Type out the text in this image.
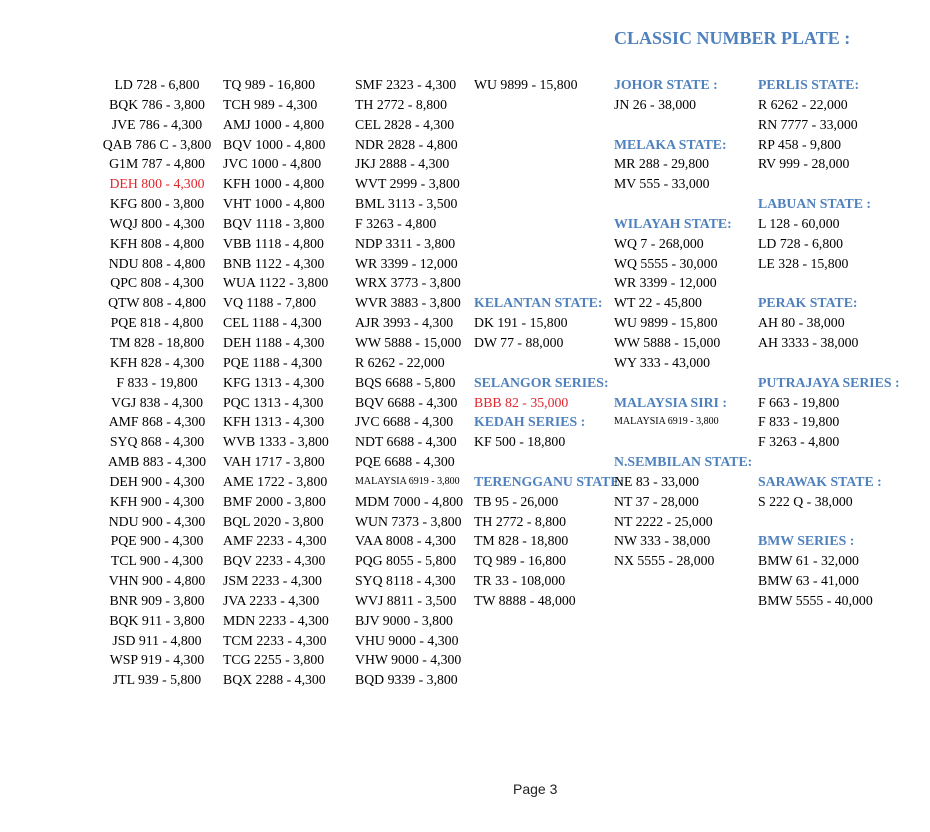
CLASSIC NUMBER PLATE :
LD 728 - 6,800
BQK 786 - 3,800
JVE 786 - 4,300
QAB 786 C - 3,800
G1M 787 - 4,800
DEH 800 - 4,300
KFG 800 - 3,800
WQJ 800 - 4,300
KFH 808 - 4,800
NDU 808 - 4,800
QPC 808 - 4,300
QTW 808 - 4,800
PQE 818 - 4,800
TM 828 - 18,800
KFH 828 - 4,300
F 833 - 19,800
VGJ 838 - 4,300
AMF 868 - 4,300
SYQ 868 - 4,300
AMB 883 - 4,300
DEH 900 - 4,300
KFH 900 - 4,300
NDU 900 - 4,300
PQE 900 - 4,300
TCL 900 - 4,300
VHN 900 - 4,800
BNR 909 - 3,800
BQK 911 - 3,800
JSD 911 - 4,800
WSP 919 - 4,300
JTL 939 - 5,800
TQ 989 - 16,800
TCH 989 - 4,300
AMJ 1000 - 4,800
BQV 1000 - 4,800
JVC 1000 - 4,800
KFH 1000 - 4,800
VHT 1000 - 4,800
BQV 1118 - 3,800
VBB 1118 - 4,800
BNB 1122 - 4,300
WUA 1122 - 3,800
VQ 1188 - 7,800
CEL 1188 - 4,300
DEH 1188 - 4,300
PQE 1188 - 4,300
KFG 1313 - 4,300
PQC 1313 - 4,300
KFH 1313 - 4,300
WVB 1333 - 3,800
VAH 1717 - 3,800
AME 1722 - 3,800
BMF 2000 - 3,800
BQL 2020 - 3,800
AMF 2233 - 4,300
BQV 2233 - 4,300
JSM 2233 - 4,300
JVA 2233 - 4,300
MDN 2233 - 4,300
TCM 2233 - 4,300
TCG 2255 - 3,800
BQX 2288 - 4,300
SMF 2323 - 4,300
TH 2772 - 8,800
CEL 2828 - 4,300
NDR 2828 - 4,800
JKJ 2888 - 4,300
WVT 2999 - 3,800
BML 3113 - 3,500
F 3263 - 4,800
NDP 3311 - 3,800
WR 3399 - 12,000
WRX 3773 - 3,800
WVR 3883 - 3,800
AJR 3993 - 4,300
WW 5888 - 15,000
R 6262 - 22,000
BQS 6688 - 5,800
BQV 6688 - 4,300
JVC 6688 - 4,300
NDT 6688 - 4,300
PQE 6688 - 4,300
MALAYSIA 6919 - 3,800
MDM 7000 - 4,800
WUN 7373 - 3,800
VAA 8008 - 4,300
PQG 8055 - 5,800
SYQ 8118 - 4,300
WVJ 8811 - 3,500
BJV 9000 - 3,800
VHU 9000 - 4,300
VHW 9000 - 4,300
BQD 9339 - 3,800
WU 9899 - 15,800
KELANTAN STATE:
DK 191 - 15,800
DW 77 - 88,000
SELANGOR SERIES:
BBB 82 - 35,000
KEDAH SERIES :
KF 500 - 18,800
TERENGGANU STATE:
TB 95 - 26,000
TH 2772 - 8,800
TM 828 - 18,800
TQ 989 - 16,800
TR 33 - 108,000
TW 8888 - 48,000
JOHOR STATE :
JN 26 - 38,000
MELAKA STATE:
MR 288 - 29,800
MV 555 - 33,000
WILAYAH STATE:
WQ 7 - 268,000
WQ 5555 - 30,000
WR 3399 - 12,000
WT 22 - 45,800
WU 9899 - 15,800
WW 5888 - 15,000
WY 333 - 43,000
MALAYSIA SIRI :
MALAYSIA 6919 - 3,800
N.SEMBILAN STATE:
NE 83 - 33,000
NT 37 - 28,000
NT 2222 - 25,000
NW 333 - 38,000
NX 5555 - 28,000
PERLIS STATE:
R 6262 - 22,000
RN 7777 - 33,000
RP 458 - 9,800
RV 999 - 28,000
LABUAN STATE :
L 128 - 60,000
LD 728 - 6,800
LE 328 - 15,800
PERAK STATE:
AH 80 - 38,000
AH 3333 - 38,000
PUTRAJAYA SERIES :
F 663 - 19,800
F 833 - 19,800
F 3263 - 4,800
SARAWAK STATE :
S 222 Q - 38,000
BMW SERIES :
BMW 61 - 32,000
BMW 63 - 41,000
BMW 5555 - 40,000
Page 3
